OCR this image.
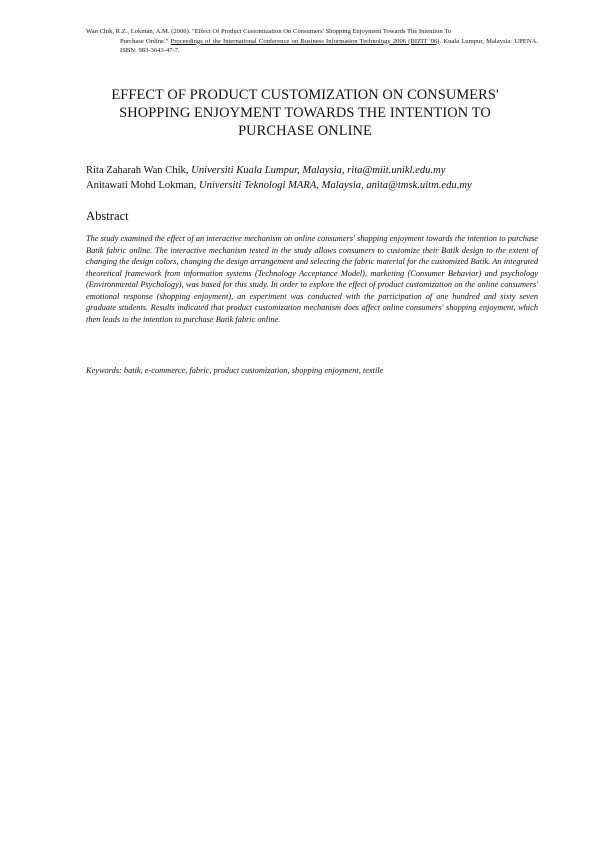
Wan Chik, R.Z., Lokman, A.M. (2006). "Effect Of Product Customization On Consumers' Shopping Enjoyment Towards The Intention To
Purchase Online." Proceedings of the International Conference on Business Information Technology 2006 (BIZIT '06). Kuala Lumpur, Malaysia: UPENA. ISBN: 983-3643-47-7.
EFFECT OF PRODUCT CUSTOMIZATION ON CONSUMERS' SHOPPING ENJOYMENT TOWARDS THE INTENTION TO PURCHASE ONLINE
Rita Zaharah Wan Chik, Universiti Kuala Lumpur, Malaysia, rita@miit.unikl.edu.my
Anitawati Mohd Lokman, Universiti Teknologi MARA, Malaysia, anita@tmsk.uitm.edu.my
Abstract
The study examined the effect of an interactive mechanism on online consumers' shopping enjoyment towards the intention to purchase Batik fabric online. The interactive mechanism tested in the study allows consumers to customize their Batik design to the extent of changing the design colors, changing the design arrangement and selecting the fabric material for the customized Batik. An integrated theoretical framework from information systems (Technology Acceptance Model), marketing (Consumer Behavior) and psychology (Environmental Psychology), was based for this study. In order to explore the effect of product customization on the online consumers' emotional response (shopping enjoyment), an experiment was conducted with the participation of one hundred and sixty seven graduate students. Results indicated that product customization mechanism does affect online consumers' shopping enjoyment, which then leads to the intention to purchase Batik fabric online.
Keywords: batik, e-commerce, fabric, product customization, shopping enjoyment, textile
